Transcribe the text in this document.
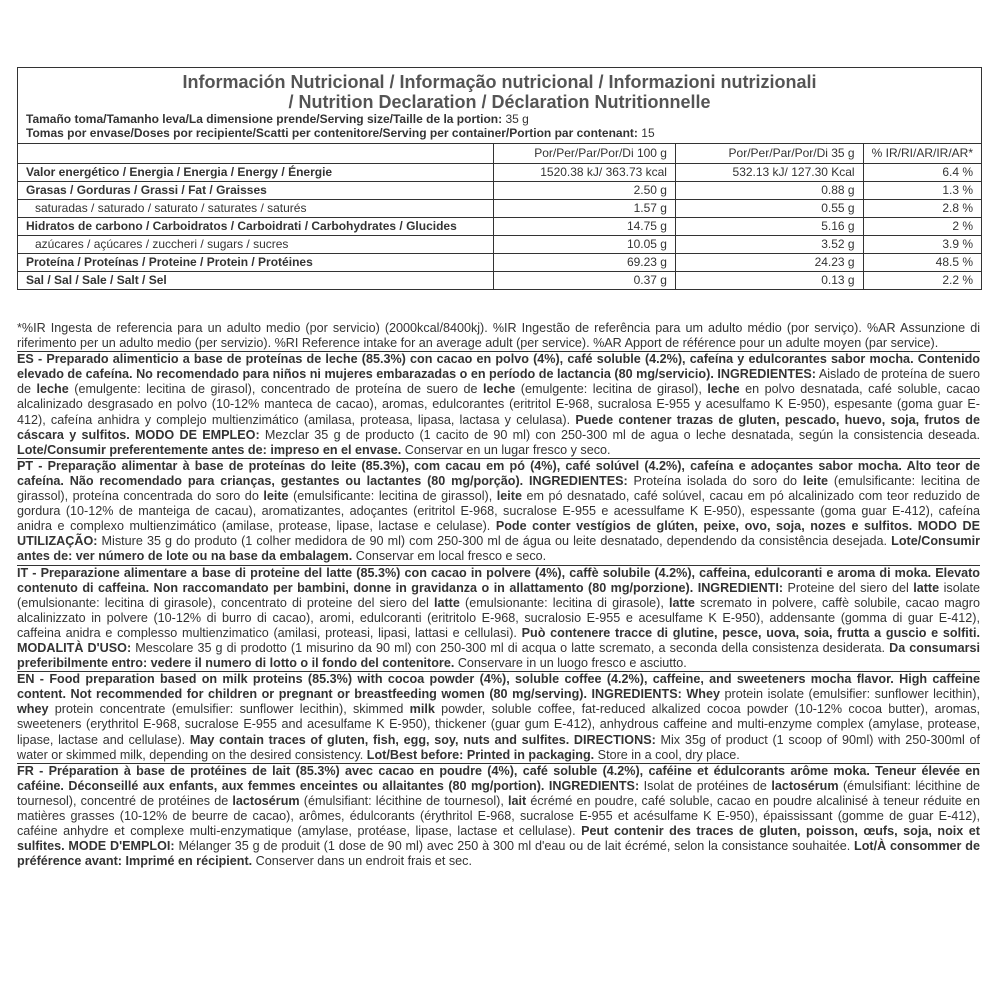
Información Nutricional / Informação nutricional / Informazioni nutrizionali
/ Nutrition Declaration / Déclaration Nutritionnelle
Tamaño toma/Tamanho leva/La dimensione prende/Serving size/Taille de la portion: 35 g
Tomas por envase/Doses por recipiente/Scatti per contenitore/Serving per container/Portion par contenant: 15
	Por/Per/Par/Por/Di 100 g	Por/Per/Par/Por/Di 35 g	% IR/RI/AR/IR/AR*
Valor energético / Energia / Energia / Energy / Énergie	1520.38 kJ/ 363.73 kcal	532.13 kJ/ 127.30 Kcal	6.4 %
Grasas / Gorduras / Grassi / Fat / Graisses	2.50 g	0.88 g	1.3 %
saturadas / saturado / saturato / saturates / saturés	1.57 g	0.55 g	2.8 %
Hidratos de carbono / Carboidratos / Carboidrati / Carbohydrates / Glucides	14.75 g	5.16 g	2 %
azúcares / açúcares / zuccheri / sugars / sucres	10.05 g	3.52 g	3.9 %
Proteína / Proteínas / Proteine / Protein / Protéines	69.23 g	24.23 g	48.5 %
Sal / Sal / Sale / Salt / Sel	0.37 g	0.13 g	2.2 %

*%IR Ingesta de referencia para un adulto medio (por servicio) (2000kcal/8400kj). %IR Ingestão de referência para um adulto médio (por serviço). %AR Assunzione di riferimento per un adulto medio (per servizio). %RI Reference intake for an average adult (per service). %AR Apport de référence pour un adulte moyen (par service).

ES - Preparado alimenticio a base de proteínas de leche (85.3%) con cacao en polvo (4%), café soluble (4.2%), cafeína y edulcorantes sabor mocha. Contenido elevado de cafeína. No recomendado para niños ni mujeres embarazadas o en período de lactancia (80 mg/servicio). INGREDIENTES: Aislado de proteína de suero de leche (emulgente: lecitina de girasol), concentrado de proteína de suero de leche (emulgente: lecitina de girasol), leche en polvo desnatada, café soluble, cacao alcalinizado desgrasado en polvo (10-12% manteca de cacao), aromas, edulcorantes (eritritol E-968, sucralosa E-955 y acesulfamo K E-950), espesante (goma guar E-412), cafeína anhidra y complejo multienzimático (amilasa, proteasa, lipasa, lactasa y celulasa). Puede contener trazas de gluten, pescado, huevo, soja, frutos de cáscara y sulfitos. MODO DE EMPLEO: Mezclar 35 g de producto (1 cacito de 90 ml) con 250-300 ml de agua o leche desnatada, según la consistencia deseada. Lote/Consumir preferentemente antes de: impreso en el envase. Conservar en un lugar fresco y seco.

PT - Preparação alimentar à base de proteínas do leite (85.3%), com cacau em pó (4%), café solúvel (4.2%), cafeína e adoçantes sabor mocha. Alto teor de cafeína. Não recomendado para crianças, gestantes ou lactantes (80 mg/porção). INGREDIENTES: Proteína isolada do soro do leite (emulsificante: lecitina de girassol), proteína concentrada do soro do leite (emulsificante: lecitina de girassol), leite em pó desnatado, café solúvel, cacau em pó alcalinizado com teor reduzido de gordura (10-12% de manteiga de cacau), aromatizantes, adoçantes (eritritol E-968, sucralose E-955 e acessulfame K E-950), espessante (goma guar E-412), cafeína anidra e complexo multienzimático (amilase, protease, lipase, lactase e celulase). Pode conter vestígios de glúten, peixe, ovo, soja, nozes e sulfitos. MODO DE UTILIZAÇÃO: Misture 35 g do produto (1 colher medidora de 90 ml) com 250-300 ml de água ou leite desnatado, dependendo da consistência desejada. Lote/Consumir antes de: ver número de lote ou na base da embalagem. Conservar em local fresco e seco.

IT - Preparazione alimentare a base di proteine del latte (85.3%) con cacao in polvere (4%), caffè solubile (4.2%), caffeina, edulcoranti e aroma di moka. Elevato contenuto di caffeina. Non raccomandato per bambini, donne in gravidanza o in allattamento (80 mg/porzione). INGREDIENTI: Proteine del siero del latte isolate (emulsionante: lecitina di girasole), concentrato di proteine del siero del latte (emulsionante: lecitina di girasole), latte scremato in polvere, caffè solubile, cacao magro alcalinizzato in polvere (10-12% di burro di cacao), aromi, edulcoranti (eritritolo E-968, sucralosio E-955 e acesulfame K E-950), addensante (gomma di guar E-412), caffeina anidra e complesso multienzimatico (amilasi, proteasi, lipasi, lattasi e cellulasi). Può contenere tracce di glutine, pesce, uova, soia, frutta a guscio e solfiti. MODALITÀ D'USO: Mescolare 35 g di prodotto (1 misurino da 90 ml) con 250-300 ml di acqua o latte scremato, a seconda della consistenza desiderata. Da consumarsi preferibilmente entro: vedere il numero di lotto o il fondo del contenitore. Conservare in un luogo fresco e asciutto.

EN - Food preparation based on milk proteins (85.3%) with cocoa powder (4%), soluble coffee (4.2%), caffeine, and sweeteners mocha flavor. High caffeine content. Not recommended for children or pregnant or breastfeeding women (80 mg/serving). INGREDIENTS: Whey protein isolate (emulsifier: sunflower lecithin), whey protein concentrate (emulsifier: sunflower lecithin), skimmed milk powder, soluble coffee, fat-reduced alkalized cocoa powder (10-12% cocoa butter), aromas, sweeteners (erythritol E-968, sucralose E-955 and acesulfame K E-950), thickener (guar gum E-412), anhydrous caffeine and multi-enzyme complex (amylase, protease, lipase, lactase and cellulase). May contain traces of gluten, fish, egg, soy, nuts and sulfites. DIRECTIONS: Mix 35g of product (1 scoop of 90ml) with 250-300ml of water or skimmed milk, depending on the desired consistency. Lot/Best before: Printed in packaging. Store in a cool, dry place.

FR - Préparation à base de protéines de lait (85.3%) avec cacao en poudre (4%), café soluble (4.2%), caféine et édulcorants arôme moka. Teneur élevée en caféine. Déconseillé aux enfants, aux femmes enceintes ou allaitantes (80 mg/portion). INGREDIENTS: Isolat de protéines de lactosérum (émulsifiant: lécithine de tournesol), concentré de protéines de lactosérum (émulsifiant: lécithine de tournesol), lait écrémé en poudre, café soluble, cacao en poudre alcalinisé à teneur réduite en matières grasses (10-12% de beurre de cacao), arômes, édulcorants (érythritol E-968, sucralose E-955 et acésulfame K E-950), épaississant (gomme de guar E-412), caféine anhydre et complexe multi-enzymatique (amylase, protéase, lipase, lactase et cellulase). Peut contenir des traces de gluten, poisson, œufs, soja, noix et sulfites. MODE D'EMPLOI: Mélanger 35 g de produit (1 dose de 90 ml) avec 250 à 300 ml d'eau ou de lait écrémé, selon la consistance souhaitée. Lot/À consommer de préférence avant: Imprimé en récipient. Conserver dans un endroit frais et sec.
